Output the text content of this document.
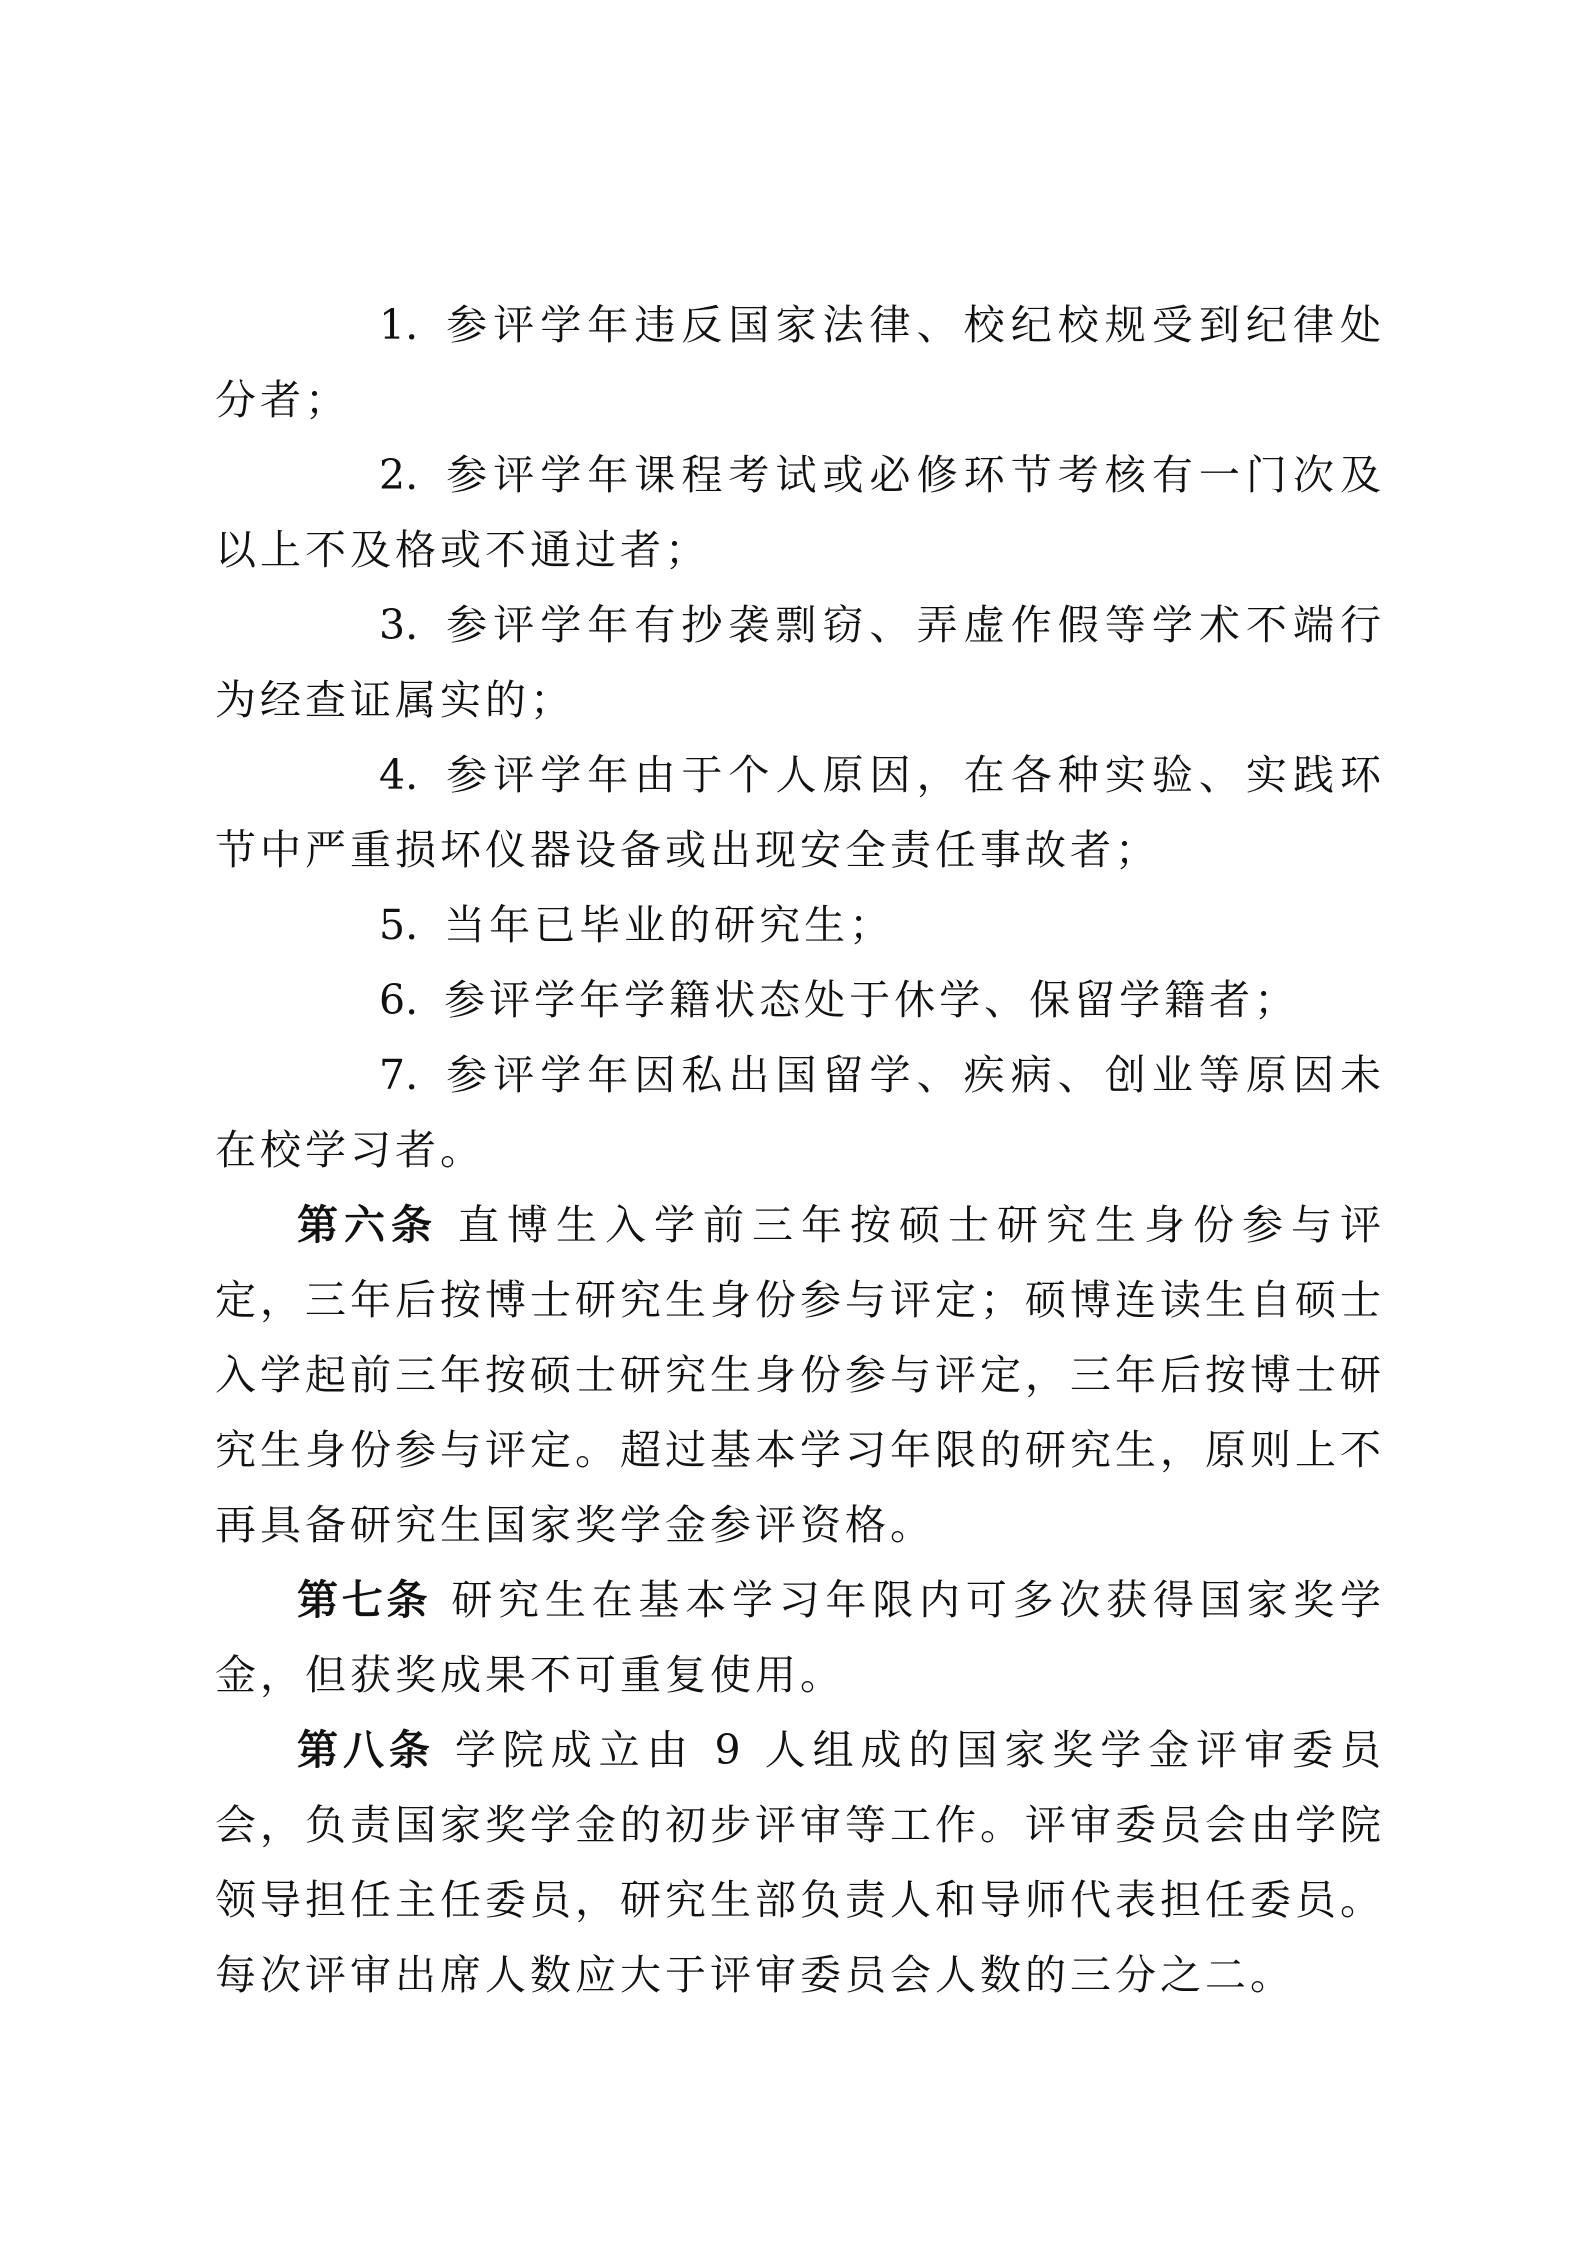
1. 参评学年违反国家法律、校纪校规受到纪律处分者；

2. 参评学年课程考试或必修环节考核有一门次及以上不及格或不通过者；

3. 参评学年有抄袭剽窃、弄虚作假等学术不端行为经查证属实的；

4. 参评学年由于个人原因，在各种实验、实践环节中严重损坏仪器设备或出现安全责任事故者；

5. 当年已毕业的研究生；

6. 参评学年学籍状态处于休学、保留学籍者；

7. 参评学年因私出国留学、疾病、创业等原因未在校学习者。

第六条 直博生入学前三年按硕士研究生身份参与评定，三年后按博士研究生身份参与评定；硕博连读生自硕士入学起前三年按硕士研究生身份参与评定，三年后按博士研究生身份参与评定。超过基本学习年限的研究生，原则上不再具备研究生国家奖学金参评资格。

第七条 研究生在基本学习年限内可多次获得国家奖学金，但获奖成果不可重复使用。

第八条 学院成立由 9 人组成的国家奖学金评审委员会，负责国家奖学金的初步评审等工作。评审委员会由学院领导担任主任委员，研究生部负责人和导师代表担任委员。每次评审出席人数应大于评审委员会人数的三分之二。
